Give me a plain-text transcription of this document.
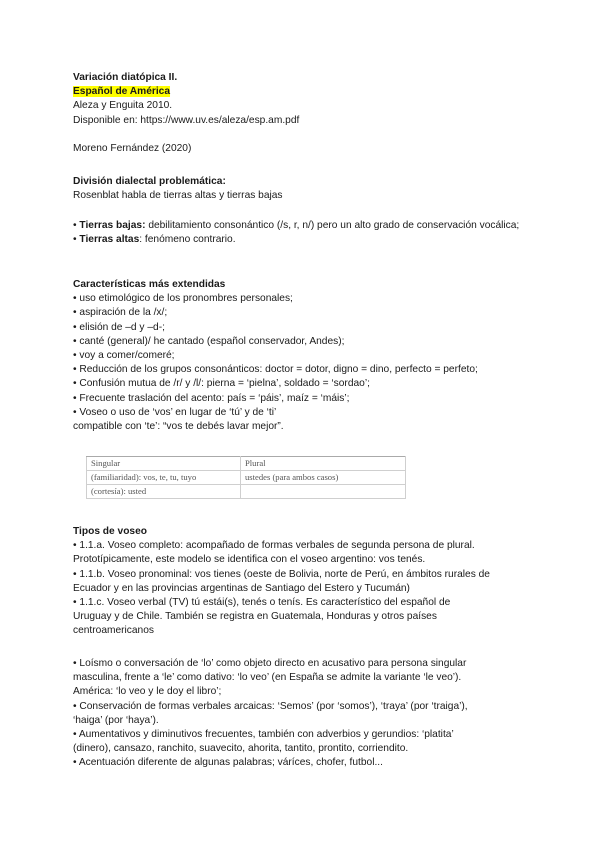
Variación diatópica II.
Español de América
Aleza y Enguita 2010.
Disponible en: https://www.uv.es/aleza/esp.am.pdf

Moreno Fernández (2020)
División dialectal problemática:
Rosenblat habla de tierras altas y tierras bajas
• Tierras bajas: debilitamiento consonántico (/s, r, n/) pero un alto grado de conservación vocálica;
• Tierras altas: fenómeno contrario.
Características más extendidas
• uso etimológico de los pronombres personales;
• aspiración de la /x/;
• elisión de –d y –d-;
• canté (general)/ he cantado (español conservador, Andes);
• voy a comer/comeré;
• Reducción de los grupos consonánticos: doctor = dotor, digno = dino, perfecto = perfeto;
• Confusión mutua de /r/ y /l/: pierna = ‘pielna’, soldado = ‘sordao’;
• Frecuente traslación del acento: país = ‘páis’, maíz = ‘máis’;
• Voseo o uso de ‘vos’ en lugar de ‘tú’ y de ‘ti’
compatible con ‘te’: “vos te debés lavar mejor”.
Singular	Plural
(familiaridad): vos, te, tu, tuyo	ustedes (para ambos casos)
(cortesía): usted	
Tipos de voseo
• 1.1.a. Voseo completo: acompañado de formas verbales de segunda persona de plural.
Prototípicamente, este modelo se identifica con el voseo argentino: vos tenés.
• 1.1.b. Voseo pronominal: vos tienes (oeste de Bolivia, norte de Perú, en ámbitos rurales de
Ecuador y en las provincias argentinas de Santiago del Estero y Tucumán)
• 1.1.c. Voseo verbal (TV) tú estái(s), tenés o tenís. Es característico del español de
Uruguay y de Chile. También se registra en Guatemala, Honduras y otros países
centroamericanos
• Loísmo o conversación de ‘lo’ como objeto directo en acusativo para persona singular
masculina, frente a ‘le’ como dativo: ‘lo veo’ (en España se admite la variante ‘le veo’).
América: ‘lo veo y le doy el libro’;
• Conservación de formas verbales arcaicas: ‘Semos’ (por ‘somos’), ‘traya’ (por ‘traiga’),
‘haiga’ (por ‘haya’).
• Aumentativos y diminutivos frecuentes, también con adverbios y gerundios: ‘platita’
(dinero), cansazo, ranchito, suavecito, ahorita, tantito, prontito, corriendito.
• Acentuación diferente de algunas palabras; váríces, chofer, futbol...
